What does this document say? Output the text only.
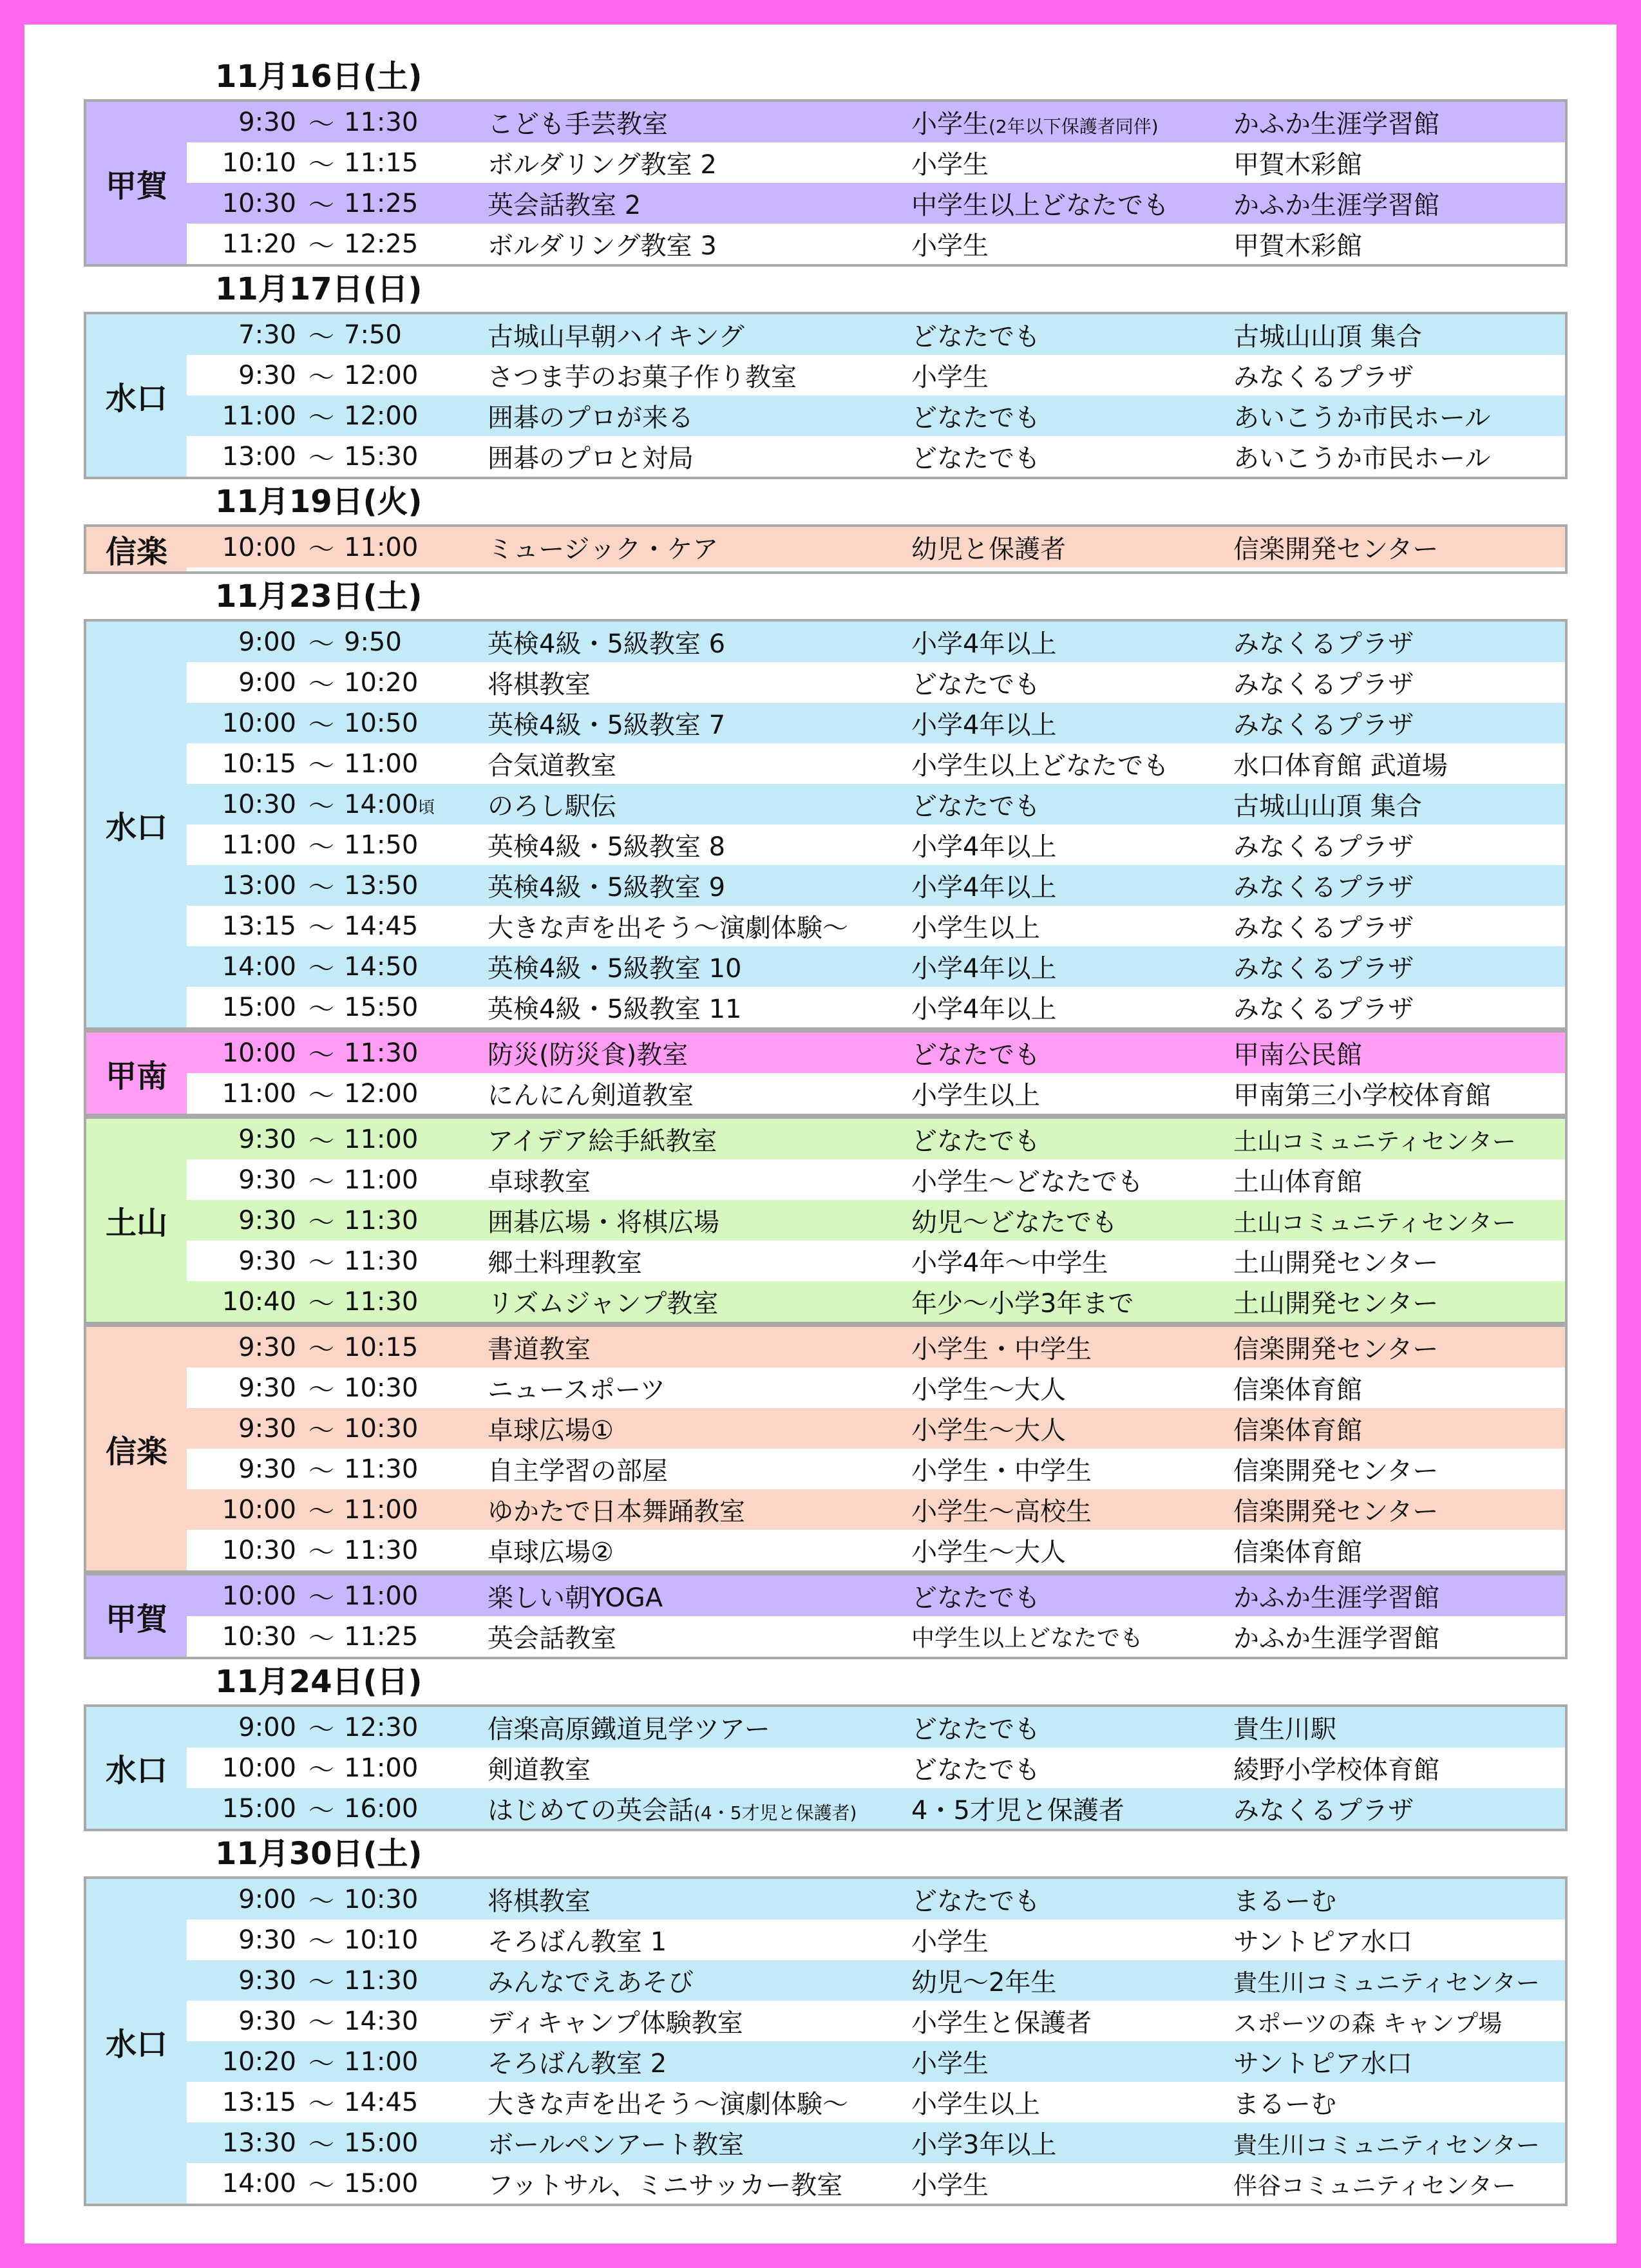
11月16日(土)
甲賀
9:30 ～ 11:30	こども手芸教室	小学生(2年以下保護者同伴)	かふか生涯学習館
10:10 ～ 11:15	ボルダリング教室 2	小学生	甲賀木彩館
10:30 ～ 11:25	英会話教室 2	中学生以上どなたでも	かふか生涯学習館
11:20 ～ 12:25	ボルダリング教室 3	小学生	甲賀木彩館
11月17日(日)
水口
7:30 ～ 7:50	古城山早朝ハイキング	どなたでも	古城山山頂 集合
9:30 ～ 12:00	さつま芋のお菓子作り教室	小学生	みなくるプラザ
11:00 ～ 12:00	囲碁のプロが来る	どなたでも	あいこうか市民ホール
13:00 ～ 15:30	囲碁のプロと対局	どなたでも	あいこうか市民ホール
11月19日(火)
信楽	10:00 ～ 11:00	ミュージック・ケア	幼児と保護者	信楽開発センター
11月23日(土)
水口
9:00 ～ 9:50	英検4級・5級教室 6	小学4年以上	みなくるプラザ
9:00 ～ 10:20	将棋教室	どなたでも	みなくるプラザ
10:00 ～ 10:50	英検4級・5級教室 7	小学4年以上	みなくるプラザ
10:15 ～ 11:00	合気道教室	小学生以上どなたでも	水口体育館 武道場
10:30 ～ 14:00頃	のろし駅伝	どなたでも	古城山山頂 集合
11:00 ～ 11:50	英検4級・5級教室 8	小学4年以上	みなくるプラザ
13:00 ～ 13:50	英検4級・5級教室 9	小学4年以上	みなくるプラザ
13:15 ～ 14:45	大きな声を出そう～演劇体験～	小学生以上	みなくるプラザ
14:00 ～ 14:50	英検4級・5級教室 10	小学4年以上	みなくるプラザ
15:00 ～ 15:50	英検4級・5級教室 11	小学4年以上	みなくるプラザ
甲南
10:00 ～ 11:30	防災(防災食)教室	どなたでも	甲南公民館
11:00 ～ 12:00	にんにん剣道教室	小学生以上	甲南第三小学校体育館
土山
9:30 ～ 11:00	アイデア絵手紙教室	どなたでも	土山コミュニティセンター
9:30 ～ 11:00	卓球教室	小学生～どなたでも	土山体育館
9:30 ～ 11:30	囲碁広場・将棋広場	幼児～どなたでも	土山コミュニティセンター
9:30 ～ 11:30	郷土料理教室	小学4年～中学生	土山開発センター
10:40 ～ 11:30	リズムジャンプ教室	年少～小学3年まで	土山開発センター
信楽
9:30 ～ 10:15	書道教室	小学生・中学生	信楽開発センター
9:30 ～ 10:30	ニュースポーツ	小学生～大人	信楽体育館
9:30 ～ 10:30	卓球広場①	小学生～大人	信楽体育館
9:30 ～ 11:30	自主学習の部屋	小学生・中学生	信楽開発センター
10:00 ～ 11:00	ゆかたで日本舞踊教室	小学生～高校生	信楽開発センター
10:30 ～ 11:30	卓球広場②	小学生～大人	信楽体育館
甲賀
10:00 ～ 11:00	楽しい朝YOGA	どなたでも	かふか生涯学習館
10:30 ～ 11:25	英会話教室	中学生以上どなたでも	かふか生涯学習館
11月24日(日)
水口
9:00 ～ 12:30	信楽高原鐵道見学ツアー	どなたでも	貴生川駅
10:00 ～ 11:00	剣道教室	どなたでも	綾野小学校体育館
15:00 ～ 16:00	はじめての英会話(4・5才児と保護者)	4・5才児と保護者	みなくるプラザ
11月30日(土)
水口
9:00 ～ 10:30	将棋教室	どなたでも	まるーむ
9:30 ～ 10:10	そろばん教室 1	小学生	サントピア水口
9:30 ～ 11:30	みんなでえあそび	幼児～2年生	貴生川コミュニティセンター
9:30 ～ 14:30	ディキャンプ体験教室	小学生と保護者	スポーツの森 キャンプ場
10:20 ～ 11:00	そろばん教室 2	小学生	サントピア水口
13:15 ～ 14:45	大きな声を出そう～演劇体験～	小学生以上	まるーむ
13:30 ～ 15:00	ボールペンアート教室	小学3年以上	貴生川コミュニティセンター
14:00 ～ 15:00	フットサル、ミニサッカー教室	小学生	伴谷コミュニティセンター
